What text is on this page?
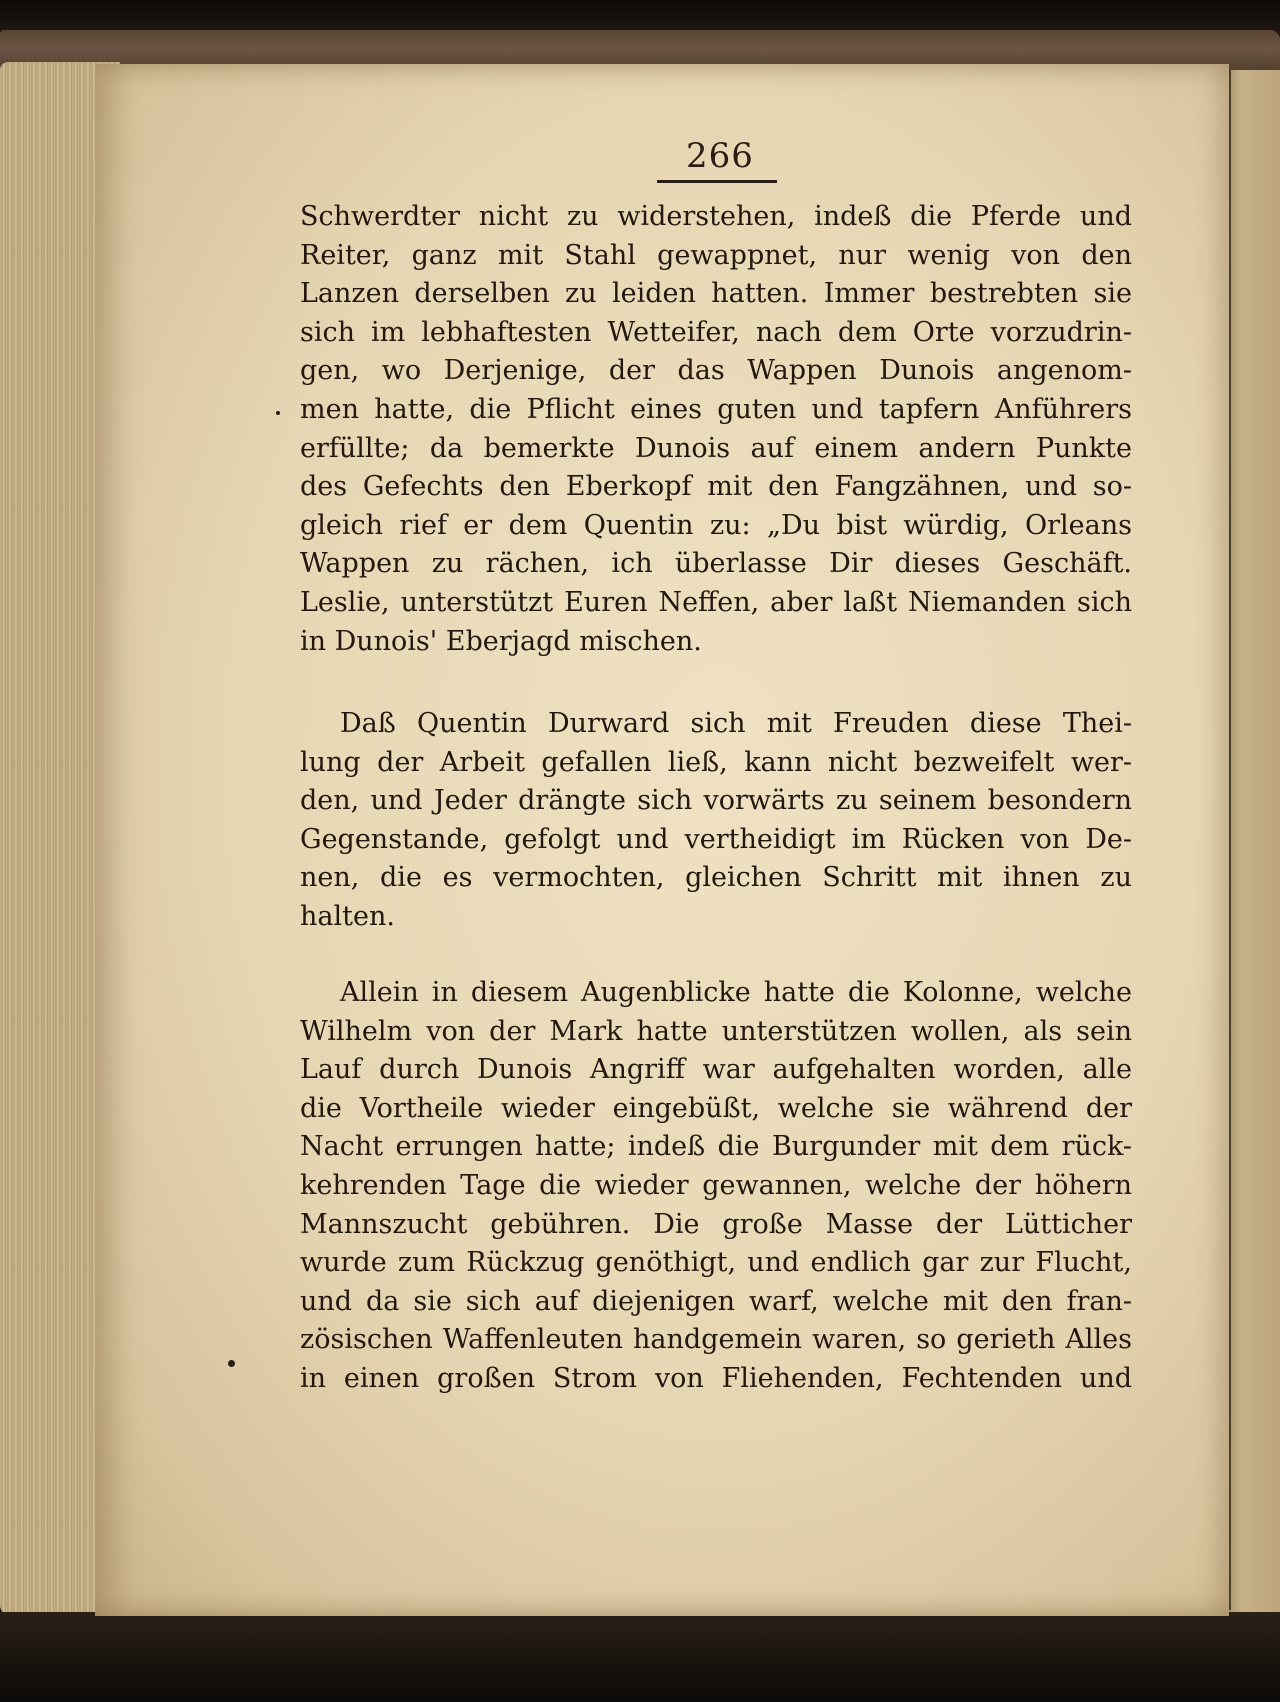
266
Schwerdter nicht zu widerstehen, indeß die Pferde und
Reiter, ganz mit Stahl gewappnet, nur wenig von den
Lanzen derselben zu leiden hatten. Immer bestrebten sie
sich im lebhaftesten Wetteifer, nach dem Orte vorzudrin-
gen, wo Derjenige, der das Wappen Dunois angenom-
men hatte, die Pflicht eines guten und tapfern Anführers
erfüllte; da bemerkte Dunois auf einem andern Punkte
des Gefechts den Eberkopf mit den Fangzähnen, und so-
gleich rief er dem Quentin zu: „Du bist würdig, Orleans
Wappen zu rächen, ich überlasse Dir dieses Geschäft.
Leslie, unterstützt Euren Neffen, aber laßt Niemanden sich
in Dunois' Eberjagd mischen.
Daß Quentin Durward sich mit Freuden diese Thei-
lung der Arbeit gefallen ließ, kann nicht bezweifelt wer-
den, und Jeder drängte sich vorwärts zu seinem besondern
Gegenstande, gefolgt und vertheidigt im Rücken von De-
nen, die es vermochten, gleichen Schritt mit ihnen zu
halten.
Allein in diesem Augenblicke hatte die Kolonne, welche
Wilhelm von der Mark hatte unterstützen wollen, als sein
Lauf durch Dunois Angriff war aufgehalten worden, alle
die Vortheile wieder eingebüßt, welche sie während der
Nacht errungen hatte; indeß die Burgunder mit dem rück-
kehrenden Tage die wieder gewannen, welche der höhern
Mannszucht gebühren. Die große Masse der Lütticher
wurde zum Rückzug genöthigt, und endlich gar zur Flucht,
und da sie sich auf diejenigen warf, welche mit den fran-
zösischen Waffenleuten handgemein waren, so gerieth Alles
in einen großen Strom von Fliehenden, Fechtenden und
